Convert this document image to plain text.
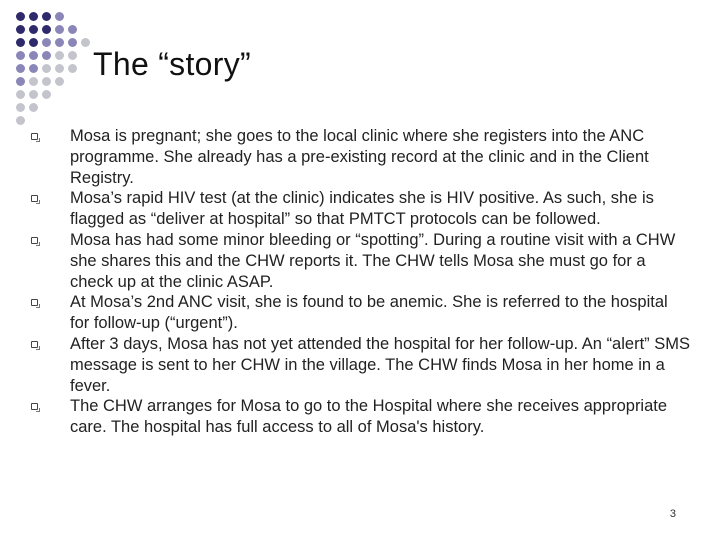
The “story”
Mosa is pregnant; she goes to the local clinic where she registers into the ANC programme. She already has a pre-existing record at the clinic and in the Client Registry.
Mosa’s rapid HIV test (at the clinic) indicates she is HIV positive. As such, she is flagged as “deliver at hospital” so that PMTCT protocols can be followed.
Mosa has had some minor bleeding or “spotting”. During a routine visit with a CHW she shares this and the CHW reports it. The CHW tells Mosa she must go for a check up at the clinic ASAP.
At Mosa’s 2nd ANC visit, she is found to be anemic. She is referred to the hospital for follow-up (“urgent”).
After 3 days, Mosa has not yet attended the hospital for her follow-up. An “alert” SMS message is sent to her CHW in the village. The CHW finds Mosa in her home in a fever.
The CHW arranges for Mosa to go to the Hospital where she receives appropriate care. The hospital has full access to all of Mosa's history.
3
